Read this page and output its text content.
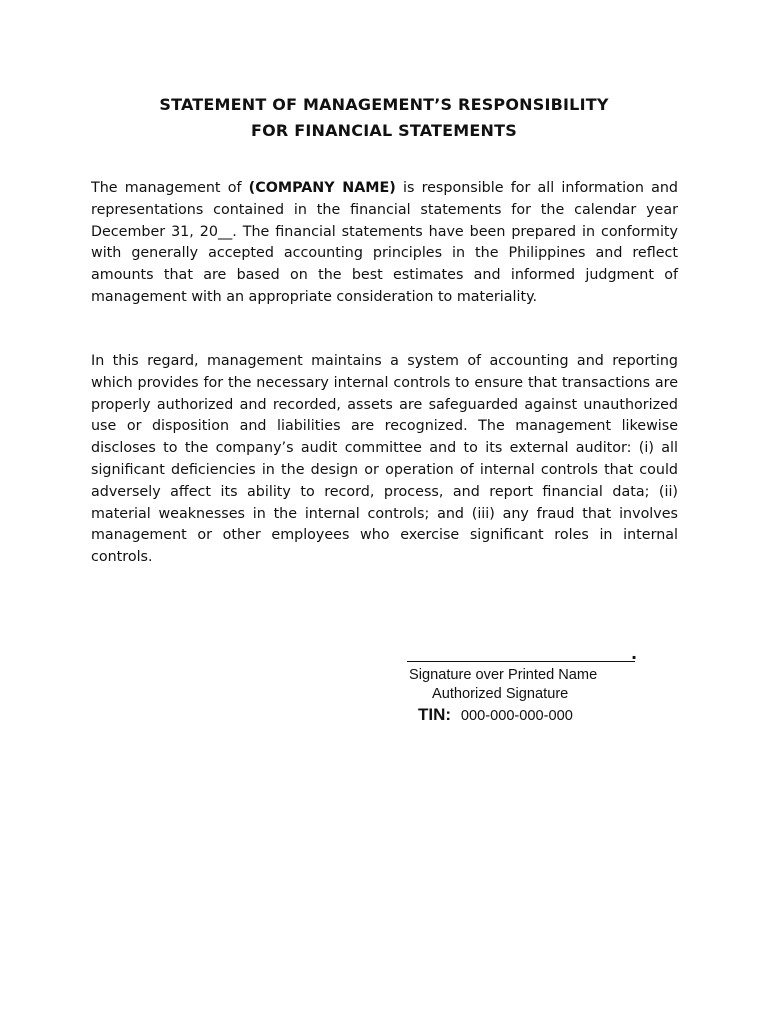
STATEMENT OF MANAGEMENT’S RESPONSIBILITY
FOR FINANCIAL STATEMENTS

The management of (COMPANY NAME) is responsible for all information and representations contained in the financial statements for the calendar year December 31, 20__. The financial statements have been prepared in conformity with generally accepted accounting principles in the Philippines and reflect amounts that are based on the best estimates and informed judgment of management with an appropriate consideration to materiality.

In this regard, management maintains a system of accounting and reporting which provides for the necessary internal controls to ensure that transactions are properly authorized and recorded, assets are safeguarded against unauthorized use or disposition and liabilities are recognized. The management likewise discloses to the company’s audit committee and to its external auditor: (i) all significant deficiencies in the design or operation of internal controls that could adversely affect its ability to record, process, and report financial data; (ii) material weaknesses in the internal controls; and (iii) any fraud that involves management or other employees who exercise significant roles in internal controls.

.
Signature over Printed Name
Authorized Signature
TIN:  000-000-000-000
